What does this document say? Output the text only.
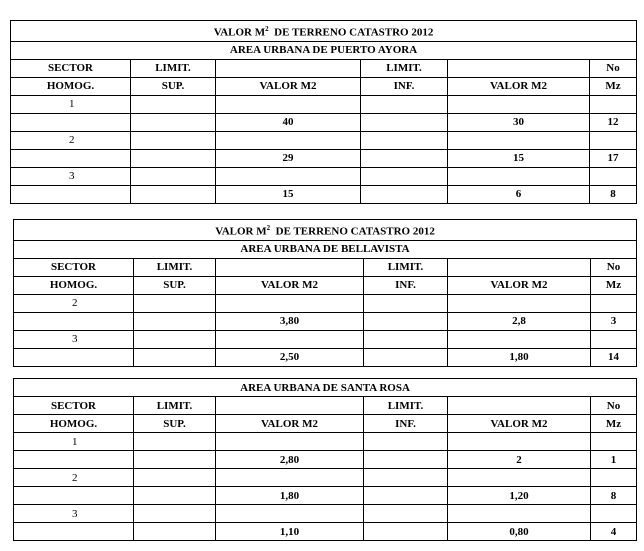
VALOR $M^2$  DE TERRENO CATASTRO 2012					
AREA URBANA DE PUERTO AYORA					
SECTOR	LIMIT.		LIMIT.		No
HOMOG.	SUP.	VALOR M2	INF.	VALOR M2	Mz
1					
		40		30	12
2					
		29		15	17
3					
		15		6	8
VALOR $M^2$  DE TERRENO CATASTRO 2012					
AREA URBANA DE BELLAVISTA					
SECTOR	LIMIT.		LIMIT.		No
HOMOG.	SUP.	VALOR M2	INF.	VALOR M2	Mz
2					
		3,80		2,8	3
3					
		2,50		1,80	14
AREA URBANA DE SANTA ROSA					
SECTOR	LIMIT.		LIMIT.		No
HOMOG.	SUP.	VALOR M2	INF.	VALOR M2	Mz
1					
		2,80		2	1
2					
		1,80		1,20	8
3					
		1,10		0,80	4
